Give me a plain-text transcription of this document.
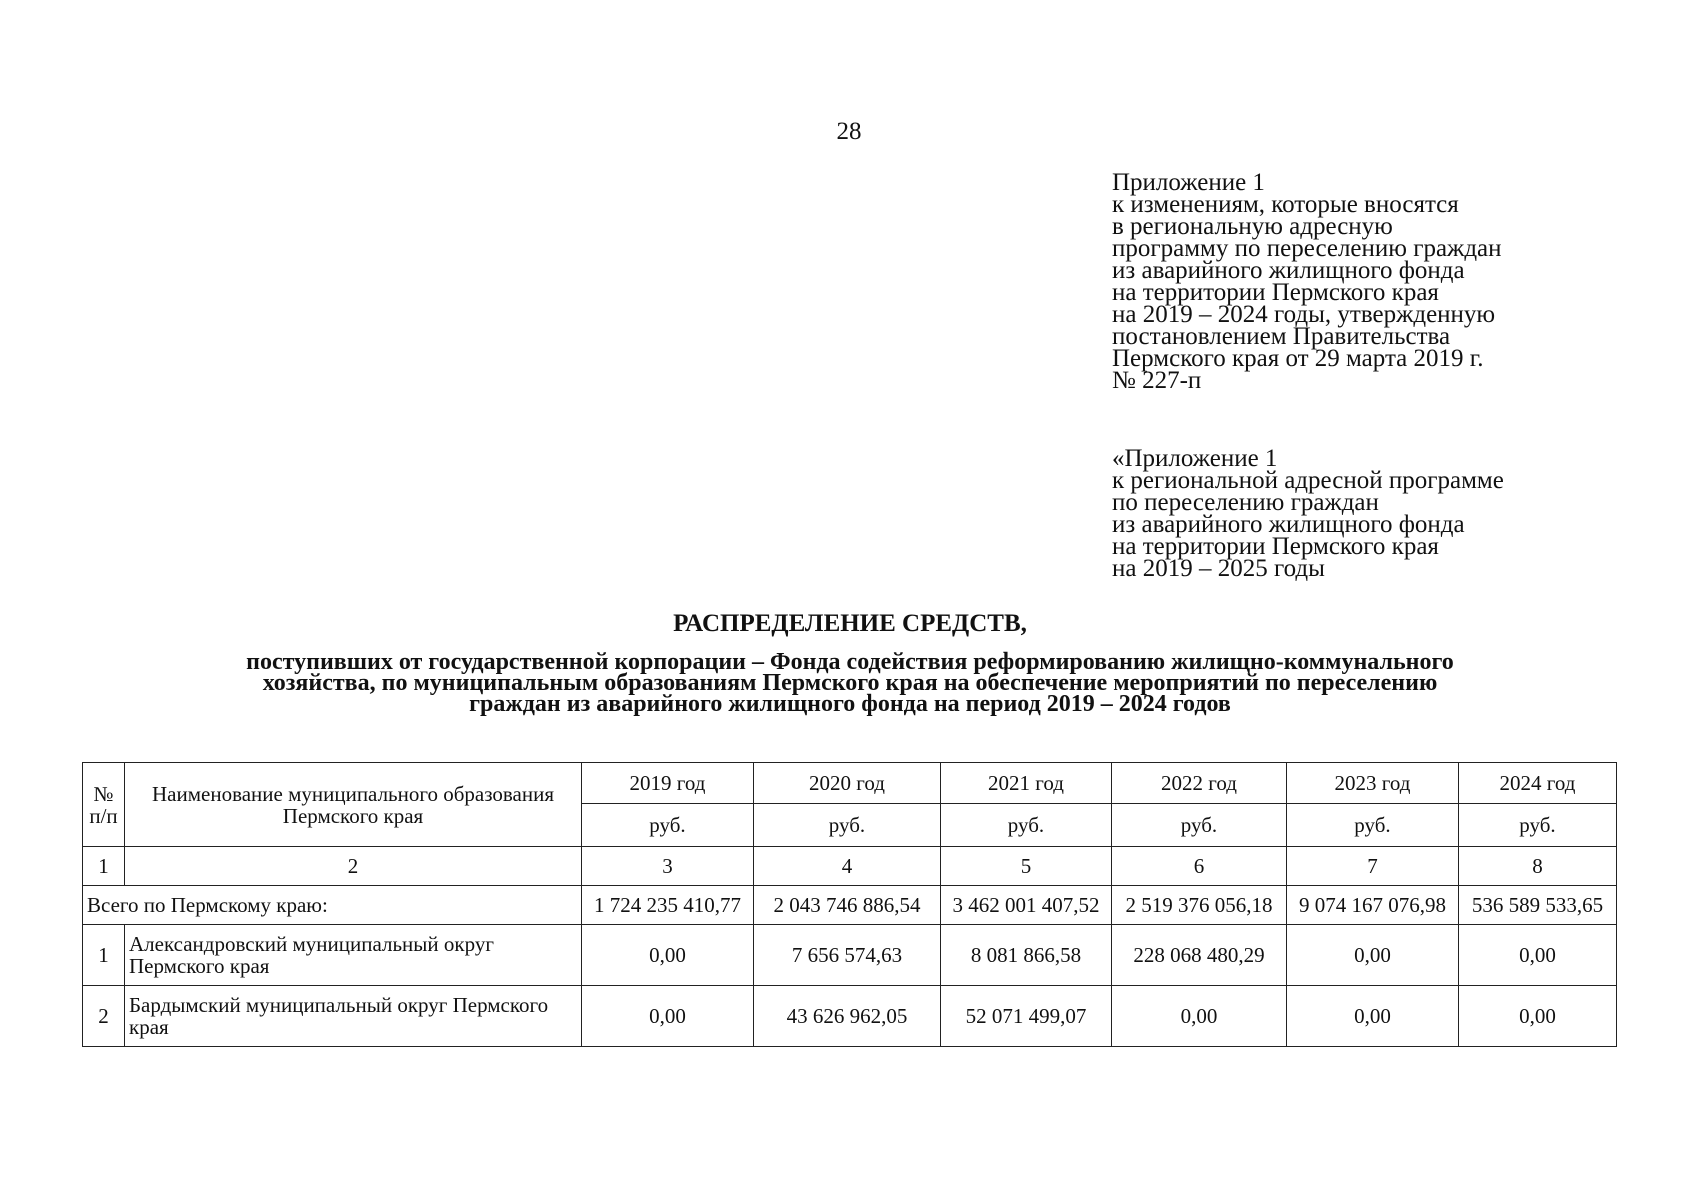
28
Приложение 1
к изменениям, которые вносятся
в региональную адресную
программу по переселению граждан
из аварийного жилищного фонда
на территории Пермского края
на 2019 – 2024 годы, утвержденную
постановлением Правительства
Пермского края от 29 марта 2019 г.
№ 227-п
«Приложение 1
к региональной адресной программе
по переселению граждан
из аварийного жилищного фонда
на территории Пермского края
на 2019 – 2025 годы
РАСПРЕДЕЛЕНИЕ СРЕДСТВ,
поступивших от государственной корпорации – Фонда содействия реформированию жилищно-коммунального
хозяйства, по муниципальным образованиям Пермского края на обеспечение мероприятий по переселению
граждан из аварийного жилищного фонда на период 2019 – 2024 годов
№ п/п	Наименование муниципального образования Пермского края	2019 год	2020 год	2021 год	2022 год	2023 год	2024 год
		руб.	руб.	руб.	руб.	руб.	руб.
1	2	3	4	5	6	7	8
Всего по Пермскому краю:		1 724 235 410,77	2 043 746 886,54	3 462 001 407,52	2 519 376 056,18	9 074 167 076,98	536 589 533,65
1	Александровский муниципальный округ Пермского края	0,00	7 656 574,63	8 081 866,58	228 068 480,29	0,00	0,00
2	Бардымский муниципальный округ Пермского края	0,00	43 626 962,05	52 071 499,07	0,00	0,00	0,00
